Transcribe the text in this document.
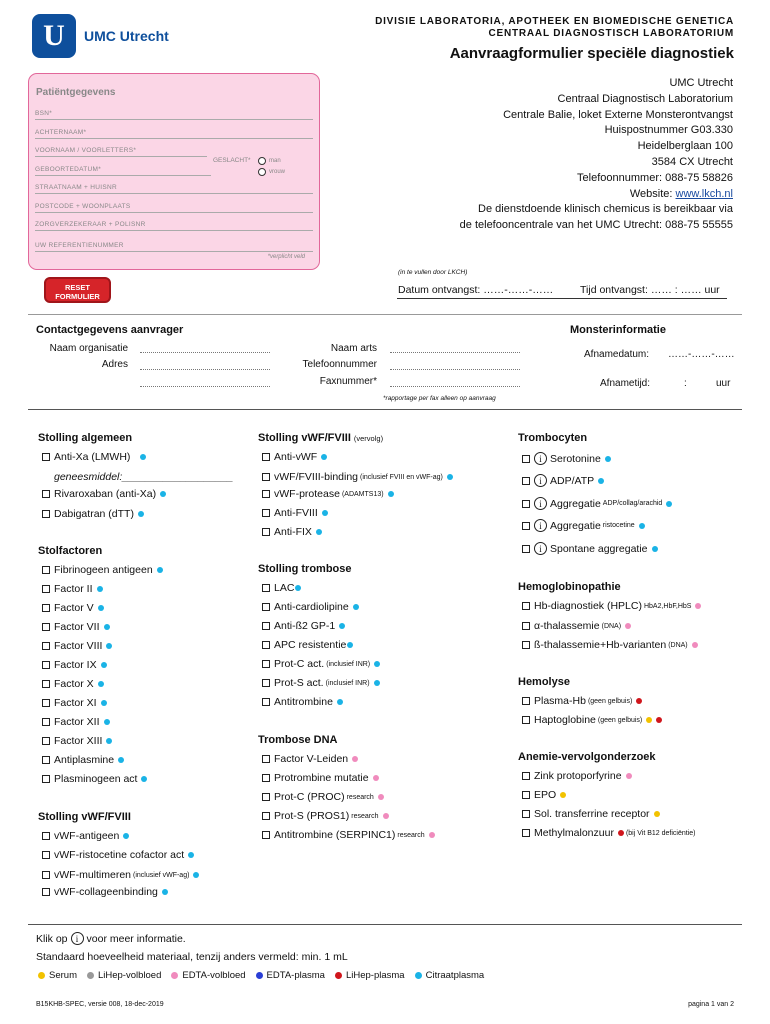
U UMC Utrecht
DIVISIE LABORATORIA, APOTHEEK EN BIOMEDISCHE GENETICA
CENTRAAL DIAGNOSTISCH LABORATORIUM
Aanvraagformulier speciële diagnostiek
Patiëntgegevens
BSN*
ACHTERNAAM*
VOORNAAM / VOORLETTERS*
GEBOORTEDATUM*
GESLACHT*	man
vrouw
STRAATNAAM + HUISNR
POSTCODE + WOONPLAATS
ZORGVERZEKERAAR + POLISNR
UW REFERENTIENUMMER
*verplicht veld
UMC Utrecht
Centraal Diagnostisch Laboratorium
Centrale Balie, loket Externe Monsterontvangst
Huispostnummer G03.330
Heidelberglaan 100
3584 CX Utrecht
Telefoonnummer: 088-75 58826
Website: www.lkch.nl
De dienstdoende klinisch chemicus is bereikbaar via
de telefooncentrale van het UMC Utrecht: 088-75 55555
RESET
FORMULIER
(in te vullen door LKCH)
Datum ontvangst: ……-……-……	Tijd ontvangst: …… : …… uur
Contactgegevens aanvrager
Naam organisatie
Adres
Naam arts
Telefoonnummer
Faxnummer*
*rapportage per fax alleen op aanvraag
Monsterinformatie
Afnamedatum: ……-……-……
Afnametijd:	:	uur
Stolling algemeen
Anti-Xa (LMWH)
geneesmiddel:___________________
Rivaroxaban (anti-Xa)
Dabigatran (dTT)
Stolfactoren
Fibrinogeen antigeen
Factor II
Factor V
Factor VII
Factor VIII
Factor IX
Factor X
Factor XI
Factor XII
Factor XIII
Antiplasmine
Plasminogeen act
Stolling vWF/FVIII
vWF-antigeen
vWF-ristocetine cofactor act
vWF-multimeren (inclusief vWF-ag)
vWF-collageenbinding
Stolling vWF/FVIII (vervolg)
Anti-vWF
vWF/FVIII-binding (inclusief FVIII en vWF-ag)
vWF-protease (ADAMTS13)
Anti-FVIII
Anti-FIX
Stolling trombose
LAC
Anti-cardiolipine
Anti-ß2 GP-1
APC resistentie
Prot-C act. (inclusief INR)
Prot-S act. (inclusief INR)
Antitrombine
Trombose DNA
Factor V-Leiden
Protrombine mutatie
Prot-C (PROC) research
Prot-S (PROS1) research
Antitrombine (SERPINC1) research
Trombocyten
i Serotonine
i ADP/ATP
i Aggregatie ADP/collag/arachid
i Aggregatie ristocetine
i Spontane aggregatie
Hemoglobinopathie
Hb-diagnostiek (HPLC) HbA2,HbF,HbS
α-thalassemie (DNA)
ß-thalassemie+Hb-varianten (DNA)
Hemolyse
Plasma-Hb (geen gelbuis)
Haptoglobine (geen gelbuis)
Anemie-vervolgonderzoek
Zink protoporfyrine
EPO
Sol. transferrine receptor
Methylmalonzuur (bij Vit B12 deficiëntie)
Klik op i voor meer informatie.
Standaard hoeveelheid materiaal, tenzij anders vermeld: min. 1 mL
Serum	LiHep-volbloed	EDTA-volbloed	EDTA-plasma	LiHep-plasma	Citraatplasma
B15KHB-SPEC, versie 008, 18-dec-2019	pagina 1 van 2
